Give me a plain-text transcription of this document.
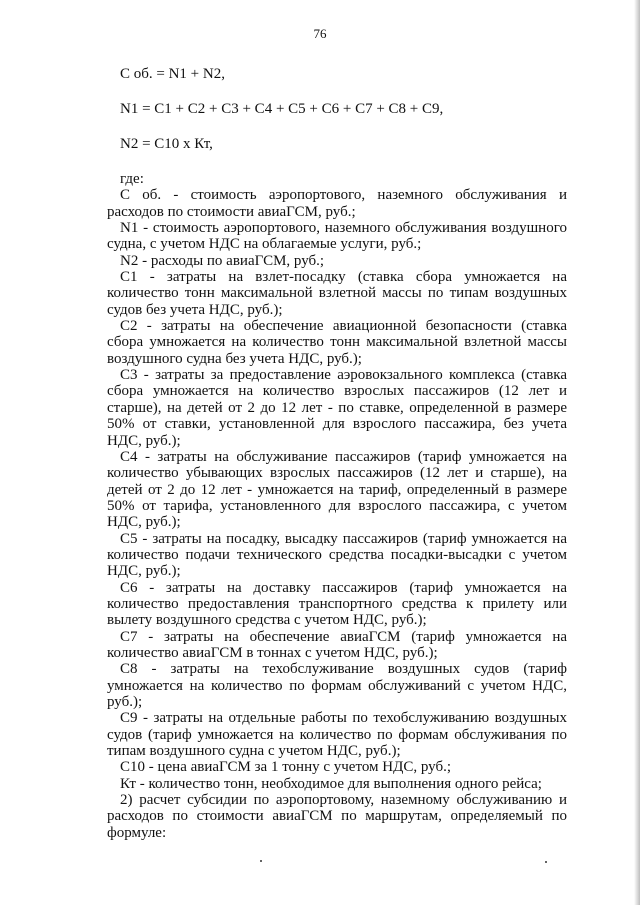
76
С об. = N1 + N2,
N1 = С1 + С2 + С3 + С4 + С5 + С6 + С7 + С8 + С9,
N2 = С10 х Кт,

где:

С об. - стоимость аэропортового, наземного обслуживания и расходов по стоимости авиаГСМ, руб.;

N1 - стоимость аэропортового, наземного обслуживания воздушного судна, с учетом НДС на облагаемые услуги, руб.;

N2 - расходы по авиаГСМ, руб.;

С1 - затраты на взлет-посадку (ставка сбора умножается на количество тонн максимальной взлетной массы по типам воздушных судов без учета НДС, руб.);

С2 - затраты на обеспечение авиационной безопасности (ставка сбора умножается на количество тонн максимальной взлетной массы воздушного судна без учета НДС, руб.);

С3 - затраты за предоставление аэровокзального комплекса (ставка сбора умножается на количество взрослых пассажиров (12 лет и старше), на детей от 2 до 12 лет - по ставке, определенной в размере 50% от ставки, установленной для взрослого пассажира, без учета НДС, руб.);

С4 - затраты на обслуживание пассажиров (тариф умножается на количество убывающих взрослых пассажиров (12 лет и старше), на детей от 2 до 12 лет - умножается на тариф, определенный в размере 50% от тарифа, установленного для взрослого пассажира, с учетом НДС, руб.);

С5 - затраты на посадку, высадку пассажиров (тариф умножается на количество подачи технического средства посадки-высадки с учетом НДС, руб.);

С6 - затраты на доставку пассажиров (тариф умножается на количество предоставления транспортного средства к прилету или вылету воздушного средства с учетом НДС, руб.);

С7 - затраты на обеспечение авиаГСМ (тариф умножается на количество авиаГСМ в тоннах с учетом НДС, руб.);

С8 - затраты на техобслуживание воздушных судов (тариф умножается на количество по формам обслуживаний с учетом НДС, руб.);

С9 - затраты на отдельные работы по техобслуживанию воздушных судов (тариф умножается на количество по формам обслуживания по типам воздушного судна с учетом НДС, руб.);

С10 - цена авиаГСМ за 1 тонну с учетом НДС, руб.;

Кт - количество тонн, необходимое для выполнения одного рейса;

2) расчет субсидии по аэропортовому, наземному обслуживанию и расходов по стоимости авиаГСМ по маршрутам, определяемый по формуле:
